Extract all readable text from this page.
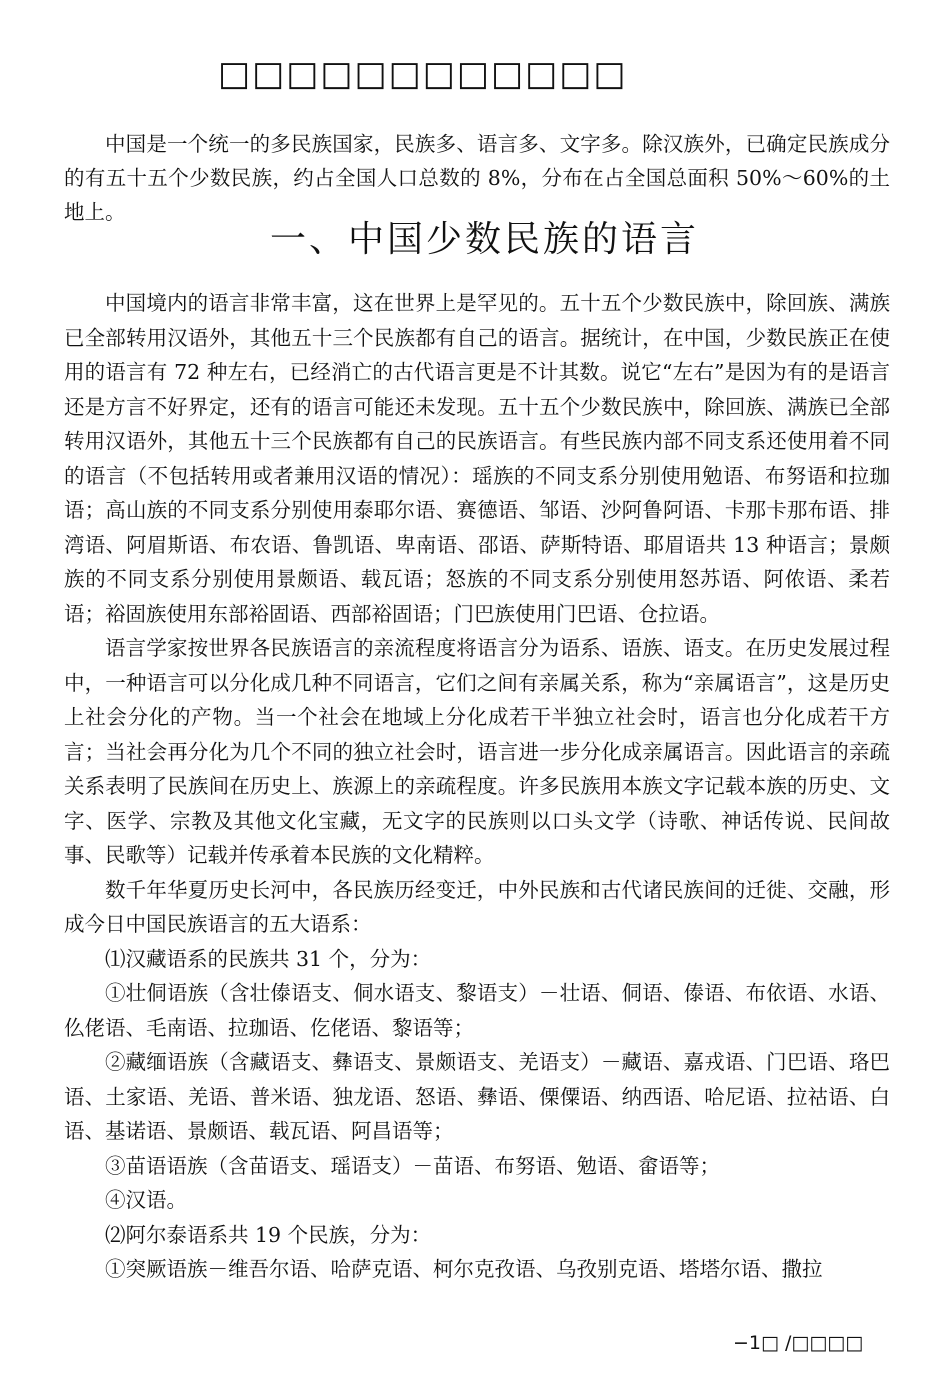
□□□□□□□□□□□□

中国是一个统一的多民族国家，民族多、语言多、文字多。除汉族外，已确定民族成分的有五十五个少数民族，约占全国人口总数的 8%，分布在占全国总面积 50%～60%的土地上。

一、中国少数民族的语言

中国境内的语言非常丰富，这在世界上是罕见的。五十五个少数民族中，除回族、满族已全部转用汉语外，其他五十三个民族都有自己的语言。据统计，在中国，少数民族正在使用的语言有 72 种左右，已经消亡的古代语言更是不计其数。说它“左右”是因为有的是语言还是方言不好界定，还有的语言可能还未发现。五十五个少数民族中，除回族、满族已全部转用汉语外，其他五十三个民族都有自己的民族语言。有些民族内部不同支系还使用着不同的语言（不包括转用或者兼用汉语的情况）：瑶族的不同支系分别使用勉语、布努语和拉珈语；高山族的不同支系分别使用泰耶尔语、赛德语、邹语、沙阿鲁阿语、卡那卡那布语、排湾语、阿眉斯语、布农语、鲁凯语、卑南语、邵语、萨斯特语、耶眉语共 13 种语言；景颇族的不同支系分别使用景颇语、载瓦语；怒族的不同支系分别使用怒苏语、阿侬语、柔若语；裕固族使用东部裕固语、西部裕固语；门巴族使用门巴语、仓拉语。

语言学家按世界各民族语言的亲流程度将语言分为语系、语族、语支。在历史发展过程中，一种语言可以分化成几种不同语言，它们之间有亲属关系，称为“亲属语言”，这是历史上社会分化的产物。当一个社会在地域上分化成若干半独立社会时，语言也分化成若干方言；当社会再分化为几个不同的独立社会时，语言进一步分化成亲属语言。因此语言的亲疏关系表明了民族间在历史上、族源上的亲疏程度。许多民族用本族文字记载本族的历史、文字、医学、宗教及其他文化宝藏，无文字的民族则以口头文学（诗歌、神话传说、民间故事、民歌等）记载并传承着本民族的文化精粹。

数千年华夏历史长河中，各民族历经变迁，中外民族和古代诸民族间的迁徙、交融，形成今日中国民族语言的五大语系：

⑴汉藏语系的民族共 31 个，分为：

①壮侗语族（含壮傣语支、侗水语支、黎语支）－壮语、侗语、傣语、布依语、水语、仫佬语、毛南语、拉珈语、仡佬语、黎语等；

②藏缅语族（含藏语支、彝语支、景颇语支、羌语支）－藏语、嘉戎语、门巴语、珞巴语、土家语、羌语、普米语、独龙语、怒语、彝语、傈僳语、纳西语、哈尼语、拉祜语、白语、基诺语、景颇语、载瓦语、阿昌语等；

③苗语语族（含苗语支、瑶语支）－苗语、布努语、勉语、畲语等；

④汉语。

⑵阿尔泰语系共 19 个民族，分为：

①突厥语族－维吾尔语、哈萨克语、柯尔克孜语、乌孜别克语、塔塔尔语、撒拉

−1□ /□□□□
